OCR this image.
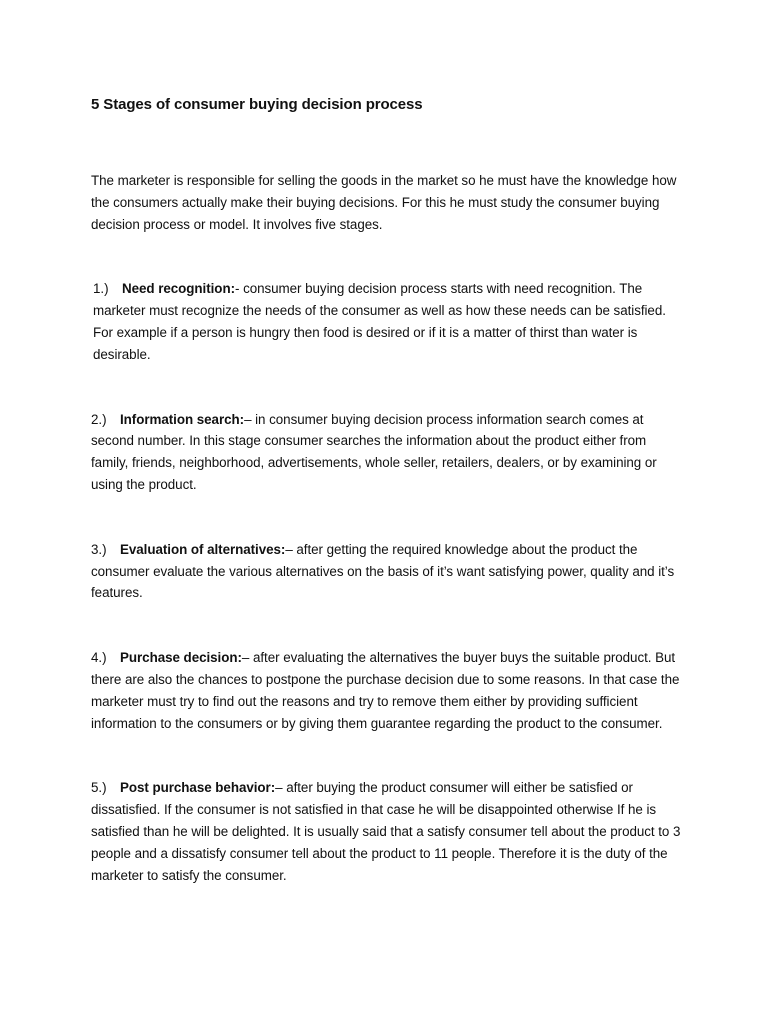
5 Stages of consumer buying decision process

The marketer is responsible for selling the goods in the market so he must have the knowledge how the consumers actually make their buying decisions. For this he must study the consumer buying decision process or model. It involves five stages.

1.) Need recognition:- consumer buying decision process starts with need recognition. The marketer must recognize the needs of the consumer as well as how these needs can be satisfied. For example if a person is hungry then food is desired or if it is a matter of thirst than water is desirable.

2.) Information search:– in consumer buying decision process information search comes at second number. In this stage consumer searches the information about the product either from family, friends, neighborhood, advertisements, whole seller, retailers, dealers, or by examining or using the product.

3.) Evaluation of alternatives:– after getting the required knowledge about the product the consumer evaluate the various alternatives on the basis of it’s want satisfying power, quality and it’s features.

4.) Purchase decision:– after evaluating the alternatives the buyer buys the suitable product. But there are also the chances to postpone the purchase decision due to some reasons. In that case the marketer must try to find out the reasons and try to remove them either by providing sufficient information to the consumers or by giving them guarantee regarding the product to the consumer.

5.) Post purchase behavior:– after buying the product consumer will either be satisfied or dissatisfied. If the consumer is not satisfied in that case he will be disappointed otherwise If he is satisfied than he will be delighted. It is usually said that a satisfy consumer tell about the product to 3 people and a dissatisfy consumer tell about the product to 11 people. Therefore it is the duty of the marketer to satisfy the consumer.
